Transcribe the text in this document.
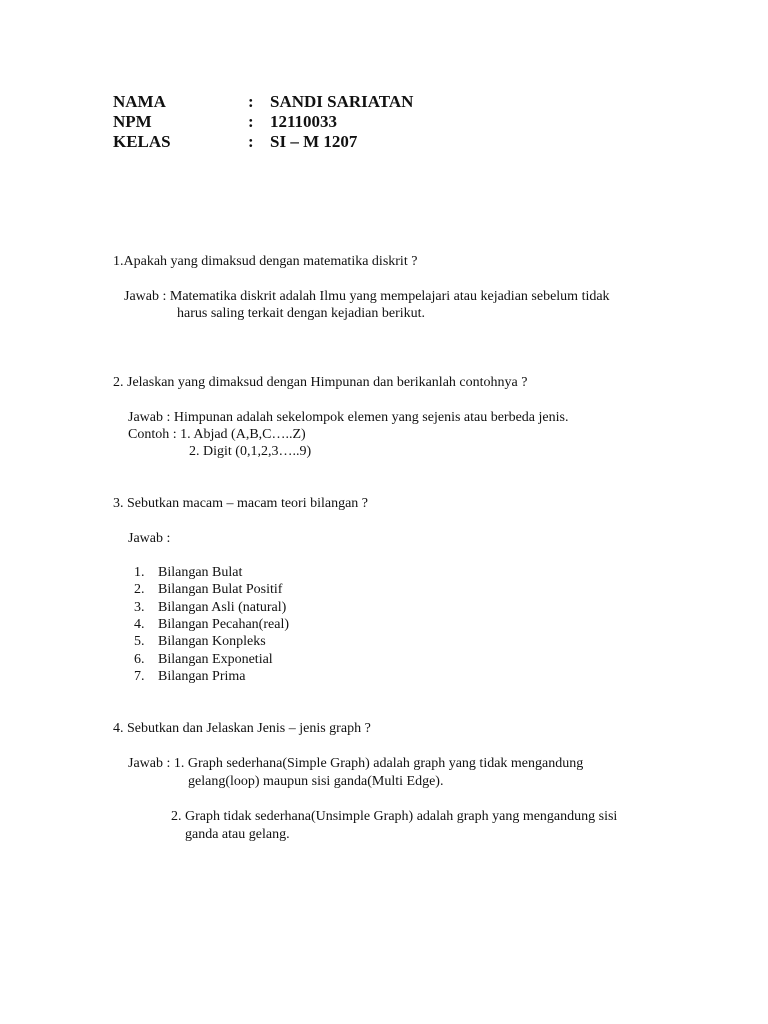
NAMA	: SANDI SARIATAN
NPM	: 12110033
KELAS	: SI – M 1207
1.Apakah yang dimaksud dengan matematika diskrit ?
Jawab : Matematika diskrit adalah Ilmu yang mempelajari atau kejadian sebelum tidak
harus saling terkait dengan kejadian berikut.
2. Jelaskan yang dimaksud dengan Himpunan dan berikanlah contohnya ?
Jawab : Himpunan adalah sekelompok elemen yang sejenis atau berbeda jenis.
Contoh : 1. Abjad (A,B,C…..Z)
2. Digit (0,1,2,3…..9)
3. Sebutkan macam – macam teori bilangan ?
Jawab :
1. Bilangan Bulat
2. Bilangan Bulat Positif
3. Bilangan Asli (natural)
4. Bilangan Pecahan(real)
5. Bilangan Konpleks
6. Bilangan Exponetial
7. Bilangan Prima
4. Sebutkan dan Jelaskan Jenis – jenis graph ?
Jawab : 1. Graph sederhana(Simple Graph) adalah graph yang tidak mengandung
gelang(loop) maupun sisi ganda(Multi Edge).
2. Graph tidak sederhana(Unsimple Graph) adalah graph yang mengandung sisi
ganda atau gelang.
